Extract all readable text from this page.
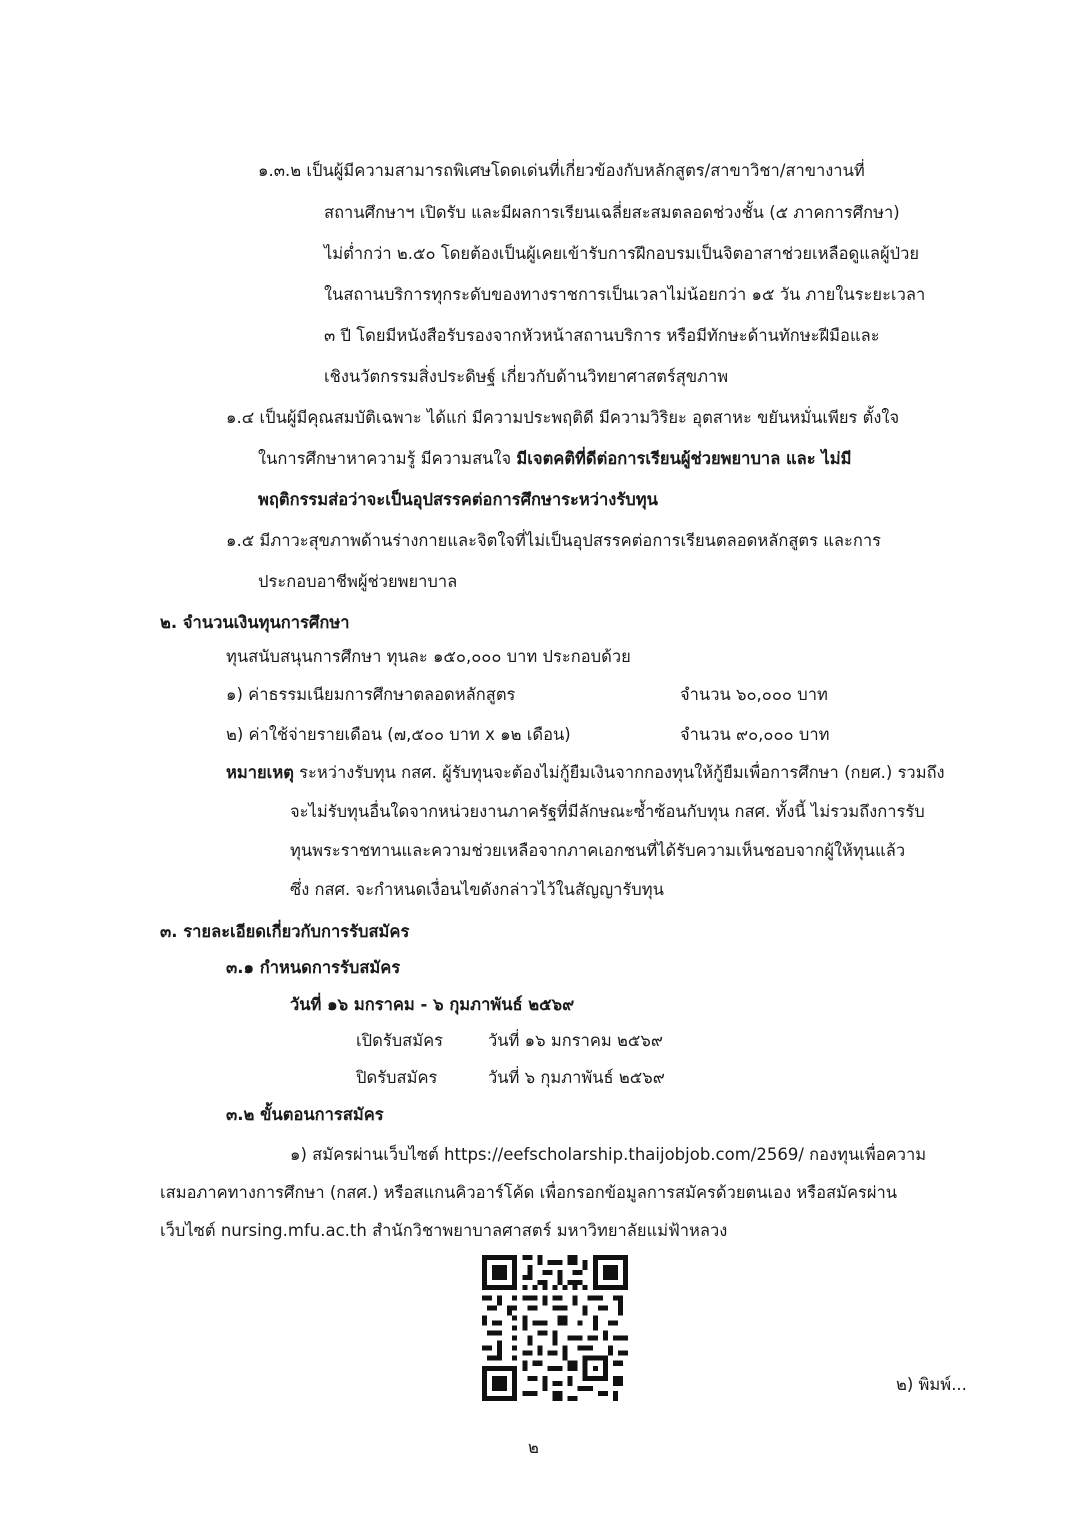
๑.๓.๒ เป็นผู้มีความสามารถพิเศษโดดเด่นที่เกี่ยวข้องกับหลักสูตร/สาขาวิชา/สาขางานที่
สถานศึกษาฯ เปิดรับ และมีผลการเรียนเฉลี่ยสะสมตลอดช่วงชั้น (๕ ภาคการศึกษา)
ไม่ต่ำกว่า ๒.๕๐ โดยต้องเป็นผู้เคยเข้ารับการฝึกอบรมเป็นจิตอาสาช่วยเหลือดูแลผู้ป่วย
ในสถานบริการทุกระดับของทางราชการเป็นเวลาไม่น้อยกว่า ๑๕ วัน ภายในระยะเวลา
๓ ปี โดยมีหนังสือรับรองจากหัวหน้าสถานบริการ หรือมีทักษะด้านทักษะฝีมือและ
เชิงนวัตกรรมสิ่งประดิษฐ์ เกี่ยวกับด้านวิทยาศาสตร์สุขภาพ
๑.๔ เป็นผู้มีคุณสมบัติเฉพาะ ได้แก่ มีความประพฤติดี มีความวิริยะ อุตสาหะ ขยันหมั่นเพียร ตั้งใจ
ในการศึกษาหาความรู้ มีความสนใจ มีเจตคติที่ดีต่อการเรียนผู้ช่วยพยาบาล และ ไม่มี
พฤติกรรมส่อว่าจะเป็นอุปสรรคต่อการศึกษาระหว่างรับทุน
๑.๕ มีภาวะสุขภาพด้านร่างกายและจิตใจที่ไม่เป็นอุปสรรคต่อการเรียนตลอดหลักสูตร และการ
ประกอบอาชีพผู้ช่วยพยาบาล
๒. จำนวนเงินทุนการศึกษา
ทุนสนับสนุนการศึกษา ทุนละ ๑๕๐,๐๐๐ บาท ประกอบด้วย
๑) ค่าธรรมเนียมการศึกษาตลอดหลักสูตร	จำนวน ๖๐,๐๐๐ บาท
๒) ค่าใช้จ่ายรายเดือน (๗,๕๐๐ บาท x ๑๒ เดือน)	จำนวน ๙๐,๐๐๐ บาท
หมายเหตุ ระหว่างรับทุน กสศ. ผู้รับทุนจะต้องไม่กู้ยืมเงินจากกองทุนให้กู้ยืมเพื่อการศึกษา (กยศ.) รวมถึง
จะไม่รับทุนอื่นใดจากหน่วยงานภาครัฐที่มีลักษณะซ้ำซ้อนกับทุน กสศ. ทั้งนี้ ไม่รวมถึงการรับ
ทุนพระราชทานและความช่วยเหลือจากภาคเอกชนที่ได้รับความเห็นชอบจากผู้ให้ทุนแล้ว
ซึ่ง กสศ. จะกำหนดเงื่อนไขดังกล่าวไว้ในสัญญารับทุน
๓. รายละเอียดเกี่ยวกับการรับสมัคร
๓.๑ กำหนดการรับสมัคร
วันที่ ๑๖ มกราคม - ๖ กุมภาพันธ์ ๒๕๖๙
เปิดรับสมัคร	วันที่ ๑๖ มกราคม ๒๕๖๙
ปิดรับสมัคร	วันที่ ๖ กุมภาพันธ์ ๒๕๖๙
๓.๒ ขั้นตอนการสมัคร
๑) สมัครผ่านเว็บไซต์ https://eefscholarship.thaijobjob.com/2569/ กองทุนเพื่อความ
เสมอภาคทางการศึกษา (กสศ.) หรือสแกนคิวอาร์โค้ด เพื่อกรอกข้อมูลการสมัครด้วยตนเอง หรือสมัครผ่าน
เว็บไซต์ nursing.mfu.ac.th สำนักวิชาพยาบาลศาสตร์ มหาวิทยาลัยแม่ฟ้าหลวง
๒) พิมพ์...
๒
